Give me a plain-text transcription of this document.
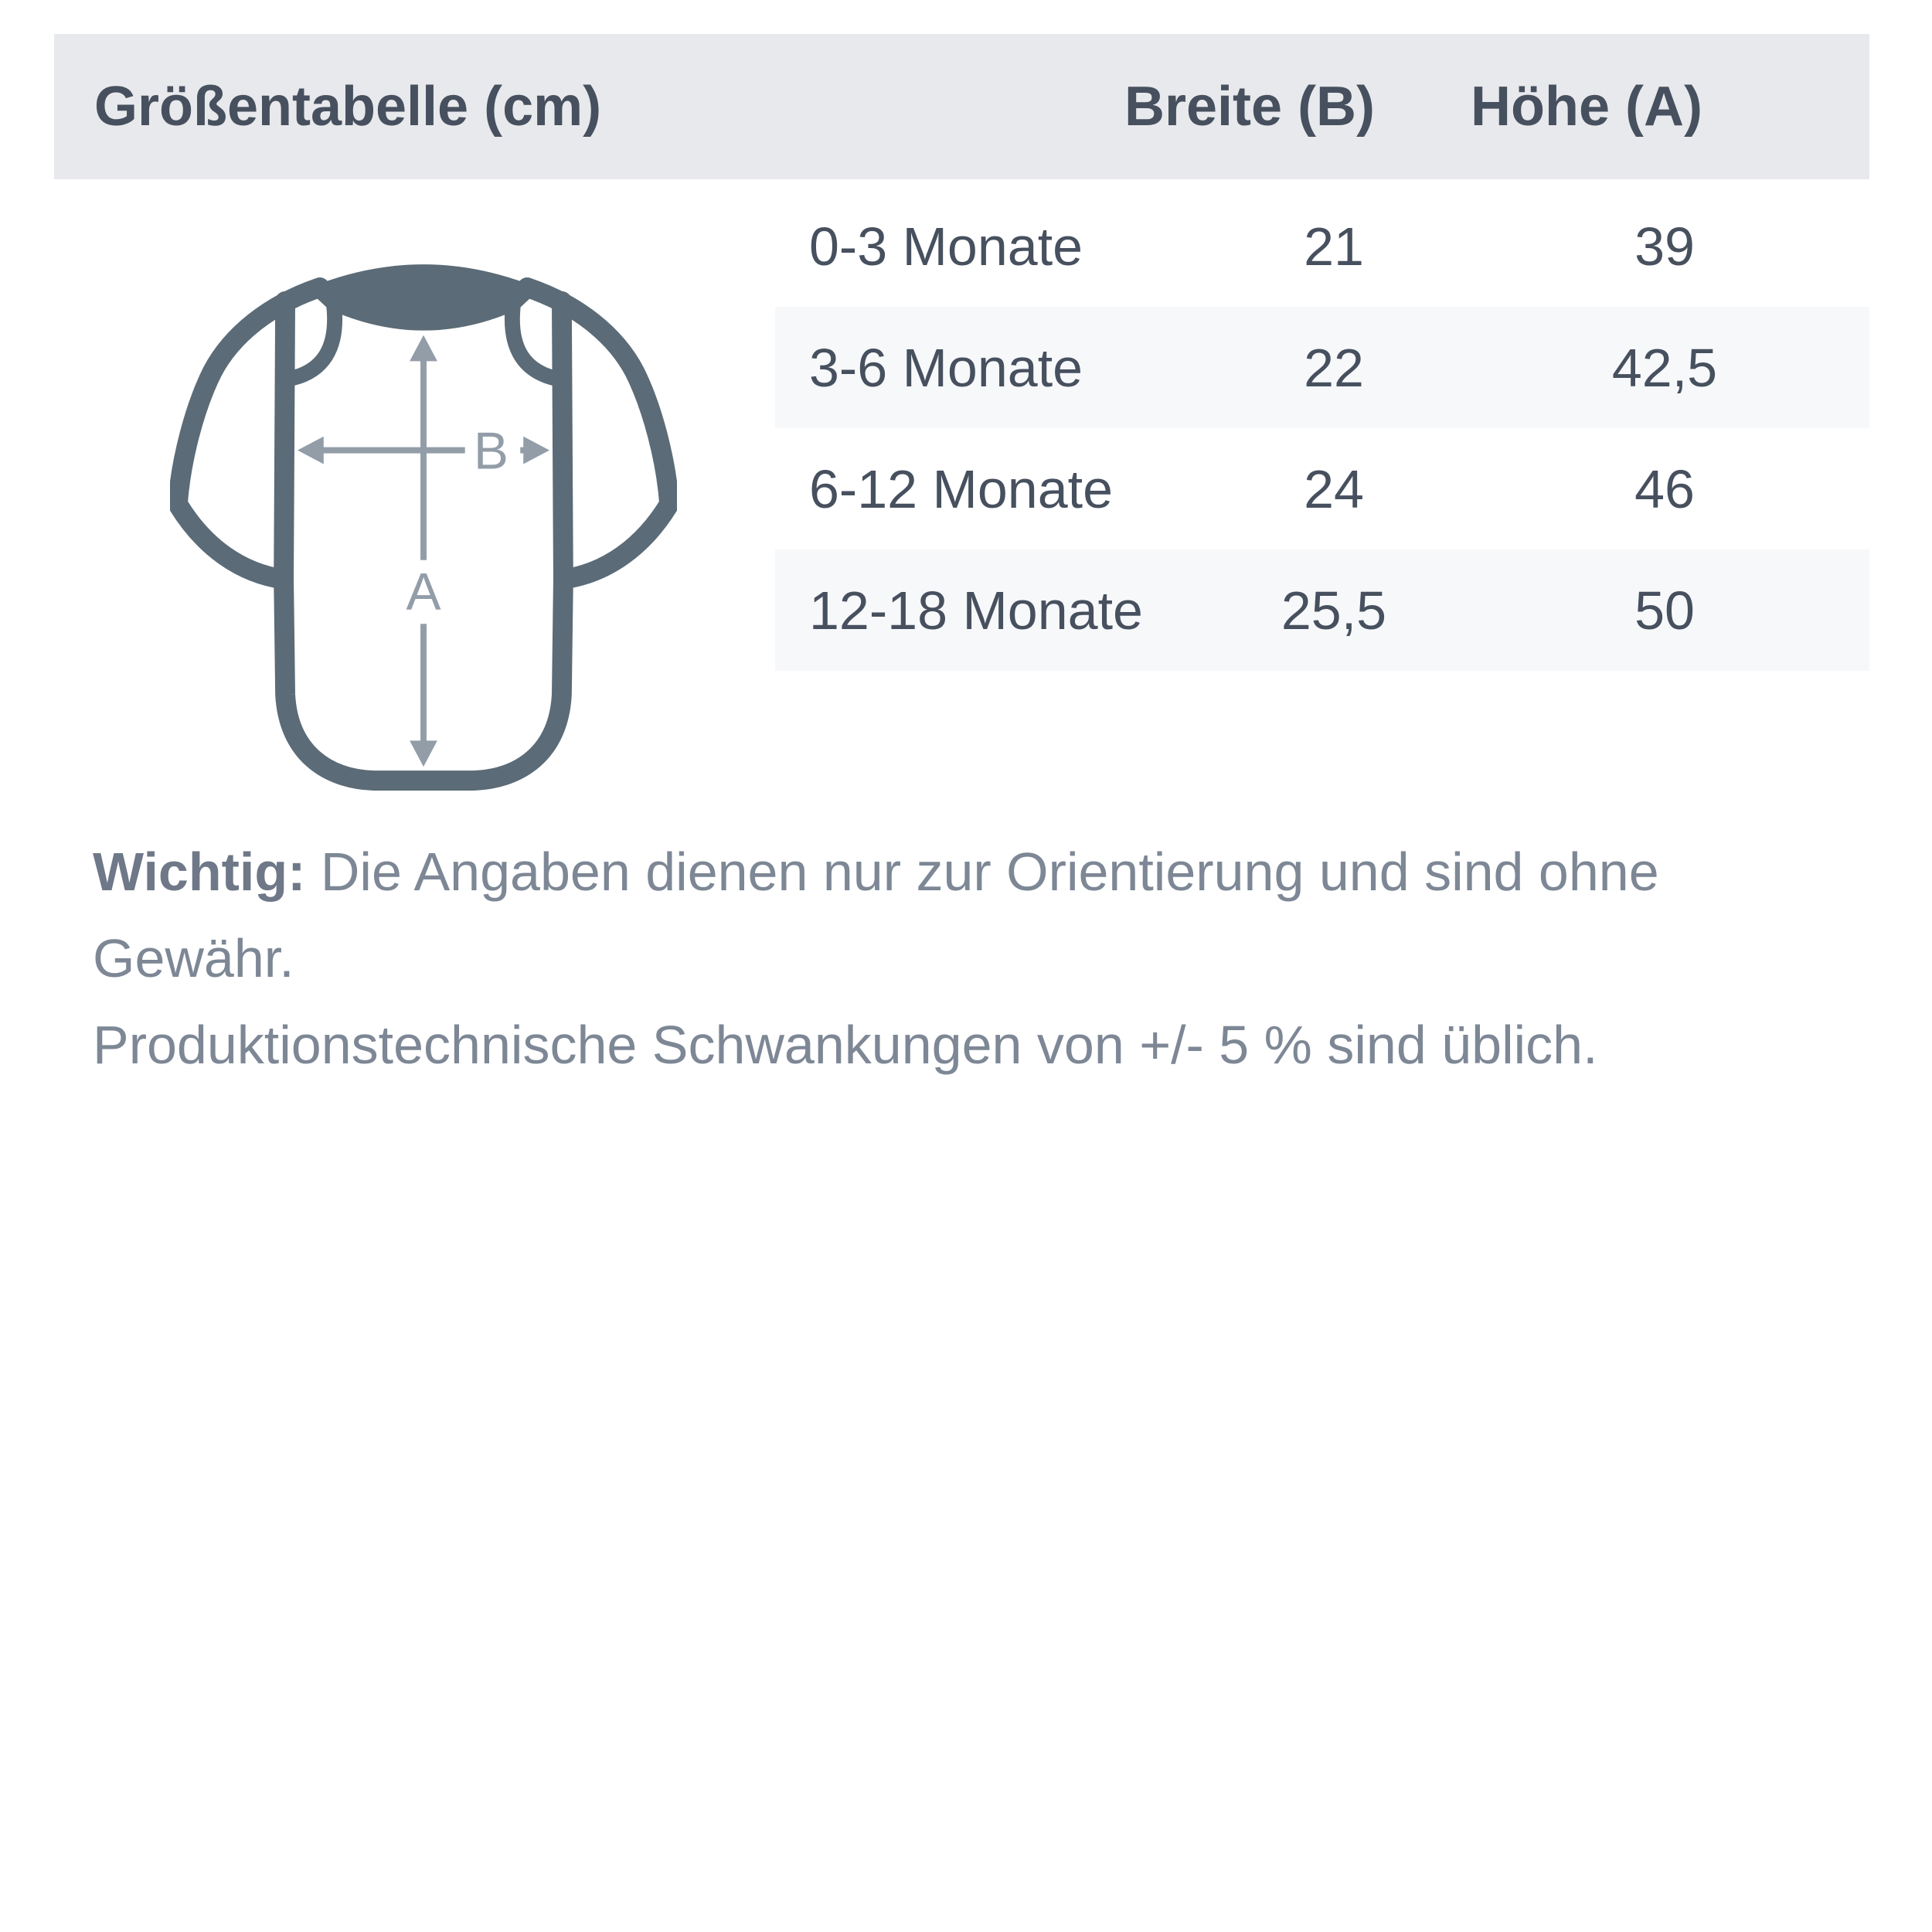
Größentabelle (cm)	Breite (B) Höhe (A)
B
A
0-3 Monate	21	39
3-6 Monate	22	42,5
6-12 Monate	24	46
12-18 Monate	25,5	50

Wichtig: Die Angaben dienen nur zur Orientierung und sind ohne Gewähr.

Produktionstechnische Schwankungen von +/- 5 % sind üblich.
